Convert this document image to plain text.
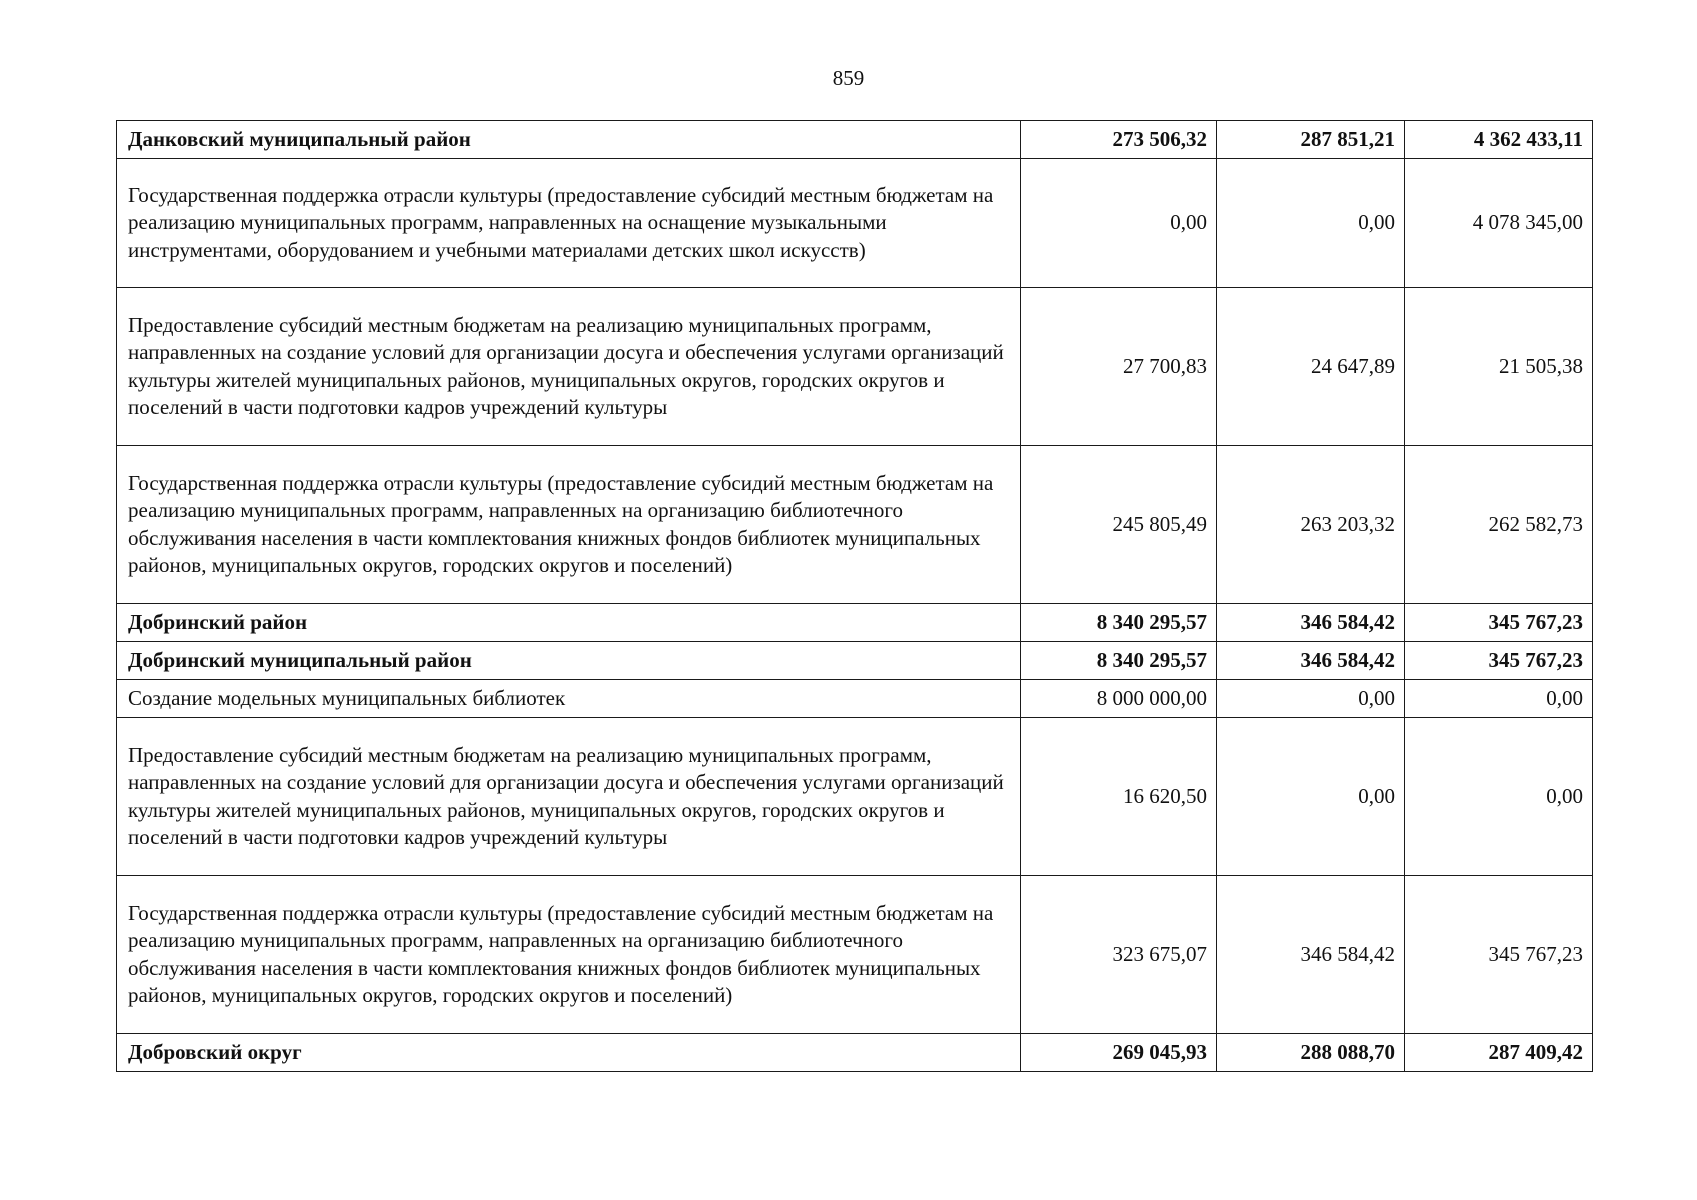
859
Данковский муниципальный район	273 506,32	287 851,21	4 362 433,11
Государственная поддержка отрасли культуры (предоставление субсидий местным бюджетам на реализацию муниципальных программ, направленных на оснащение музыкальными инструментами, оборудованием и учебными материалами детских школ искусств)	0,00	0,00	4 078 345,00
Предоставление субсидий местным бюджетам на реализацию муниципальных программ, направленных на создание условий для организации досуга и обеспечения услугами организаций культуры жителей муниципальных районов, муниципальных округов, городских округов и поселений в части подготовки кадров учреждений культуры	27 700,83	24 647,89	21 505,38
Государственная поддержка отрасли культуры (предоставление субсидий местным бюджетам на реализацию муниципальных программ, направленных на организацию библиотечного обслуживания населения в части комплектования книжных фондов библиотек муниципальных районов, муниципальных округов, городских округов и поселений)	245 805,49	263 203,32	262 582,73
Добринский район	8 340 295,57	346 584,42	345 767,23
Добринский муниципальный район	8 340 295,57	346 584,42	345 767,23
Создание модельных муниципальных библиотек	8 000 000,00	0,00	0,00
Предоставление субсидий местным бюджетам на реализацию муниципальных программ, направленных на создание условий для организации досуга и обеспечения услугами организаций культуры жителей муниципальных районов, муниципальных округов, городских округов и поселений в части подготовки кадров учреждений культуры	16 620,50	0,00	0,00
Государственная поддержка отрасли культуры (предоставление субсидий местным бюджетам на реализацию муниципальных программ, направленных на организацию библиотечного обслуживания населения в части комплектования книжных фондов библиотек муниципальных районов, муниципальных округов, городских округов и поселений)	323 675,07	346 584,42	345 767,23
Добровский округ	269 045,93	288 088,70	287 409,42
